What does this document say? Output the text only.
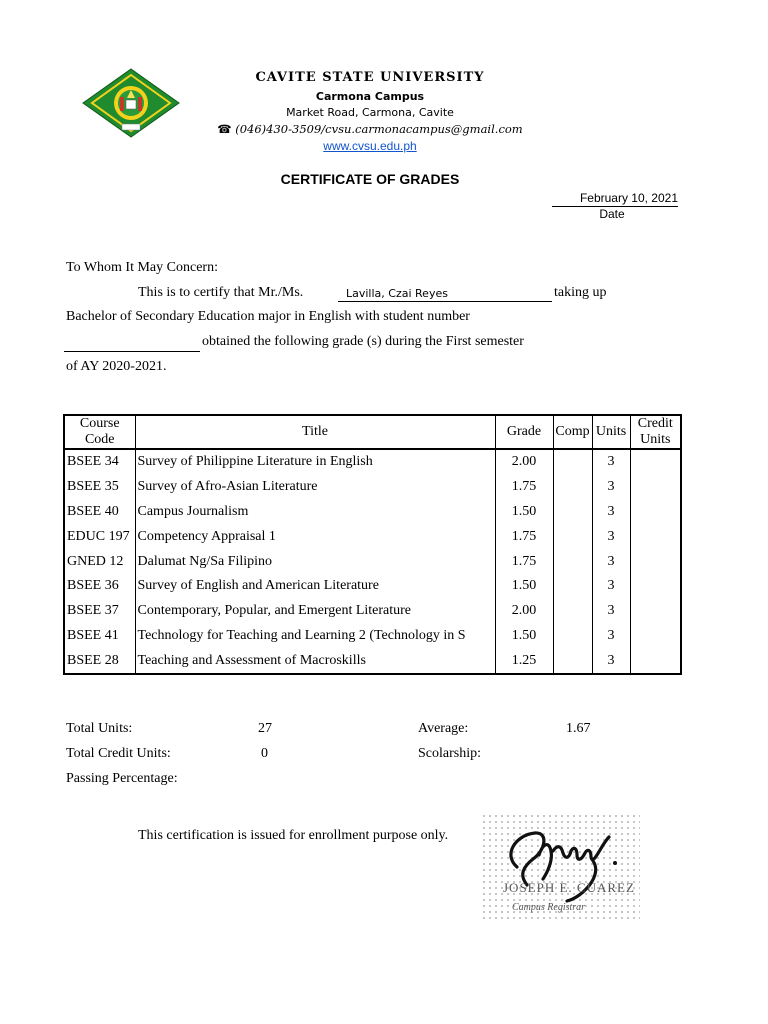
CAVITE STATE UNIVERSITY
Carmona Campus
Market Road, Carmona, Cavite
☎ (046)430-3509/cvsu.carmonacampus@gmail.com
www.cvsu.edu.ph
CERTIFICATE OF GRADES
February 10, 2021
Date
To Whom It May Concern:
This is to certify that Mr./Ms.	Lavilla, Czai Reyes	taking up
Bachelor of Secondary Education major in English with student number
obtained the following grade (s) during the First semester
of AY 2020-2021.
Course Code	Title	Grade	Comp	Units	Credit Units
BSEE 34	Survey of Philippine Literature in English	2.00		3	
BSEE 35	Survey of Afro-Asian Literature	1.75		3	
BSEE 40	Campus Journalism	1.50		3	
EDUC 197	Competency Appraisal 1	1.75		3	
GNED 12	Dalumat Ng/Sa Filipino	1.75		3	
BSEE 36	Survey of English and American Literature	1.50		3	
BSEE 37	Contemporary, Popular, and Emergent Literature	2.00		3	
BSEE 41	Technology for Teaching and Learning 2 (Technology in S	1.50		3	
BSEE 28	Teaching and Assessment of Macroskills	1.25		3	
Total Units:	27	Average:	1.67
Total Credit Units:	0	Scolarship:
Passing Percentage:
This certification is issued for enrollment purpose only.
JOSEPH E. CUAREZ
Campus Registrar
